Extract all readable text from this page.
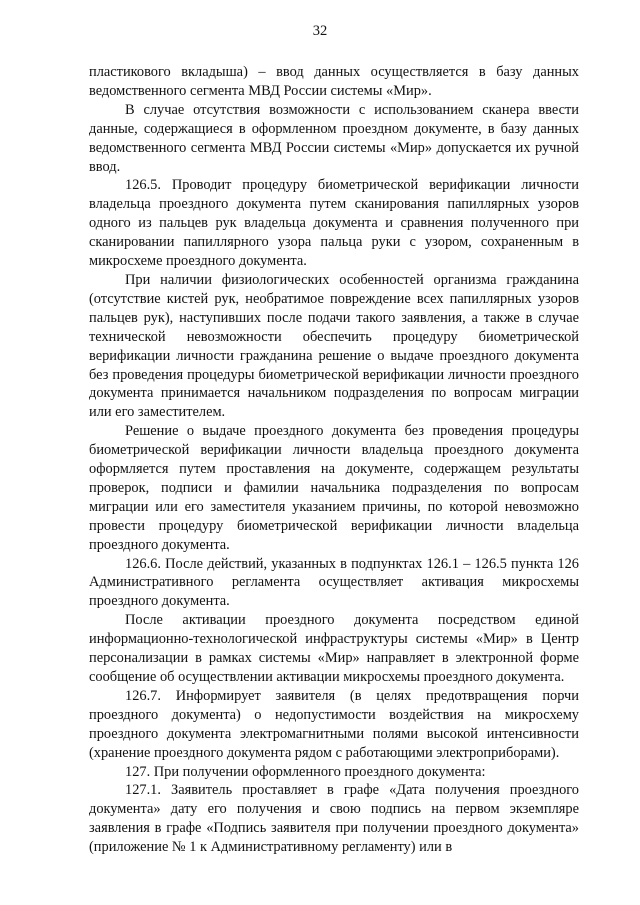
32

пластикового вкладыша) – ввод данных осуществляется в базу данных ведомственного сегмента МВД России системы «Мир».

В случае отсутствия возможности с использованием сканера ввести данные, содержащиеся в оформленном проездном документе, в базу данных ведомственного сегмента МВД России системы «Мир» допускается их ручной ввод.

126.5. Проводит процедуру биометрической верификации личности владельца проездного документа путем сканирования папиллярных узоров одного из пальцев рук владельца документа и сравнения полученного при сканировании папиллярного узора пальца руки с узором, сохраненным в микросхеме проездного документа.

При наличии физиологических особенностей организма гражданина (отсутствие кистей рук, необратимое повреждение всех папиллярных узоров пальцев рук), наступивших после подачи такого заявления, а также в случае технической невозможности обеспечить процедуру биометрической верификации личности гражданина решение о выдаче проездного документа без проведения процедуры биометрической верификации личности проездного документа принимается начальником подразделения по вопросам миграции или его заместителем.

Решение о выдаче проездного документа без проведения процедуры биометрической верификации личности владельца проездного документа оформляется путем проставления на документе, содержащем результаты проверок, подписи и фамилии начальника подразделения по вопросам миграции или его заместителя указанием причины, по которой невозможно провести процедуру биометрической верификации личности владельца проездного документа.

126.6. После действий, указанных в подпунктах 126.1 – 126.5 пункта 126 Административного регламента осуществляет активация микросхемы проездного документа.

После активации проездного документа посредством единой информационно-технологической инфраструктуры системы «Мир» в Центр персонализации в рамках системы «Мир» направляет в электронной форме сообщение об осуществлении активации микросхемы проездного документа.

126.7. Информирует заявителя (в целях предотвращения порчи проездного документа) о недопустимости воздействия на микросхему проездного документа электромагнитными полями высокой интенсивности (хранение проездного документа рядом с работающими электроприборами).

127. При получении оформленного проездного документа:

127.1. Заявитель проставляет в графе «Дата получения проездного документа» дату его получения и свою подпись на первом экземпляре заявления в графе «Подпись заявителя при получении проездного документа» (приложение № 1 к Административному регламенту) или в
